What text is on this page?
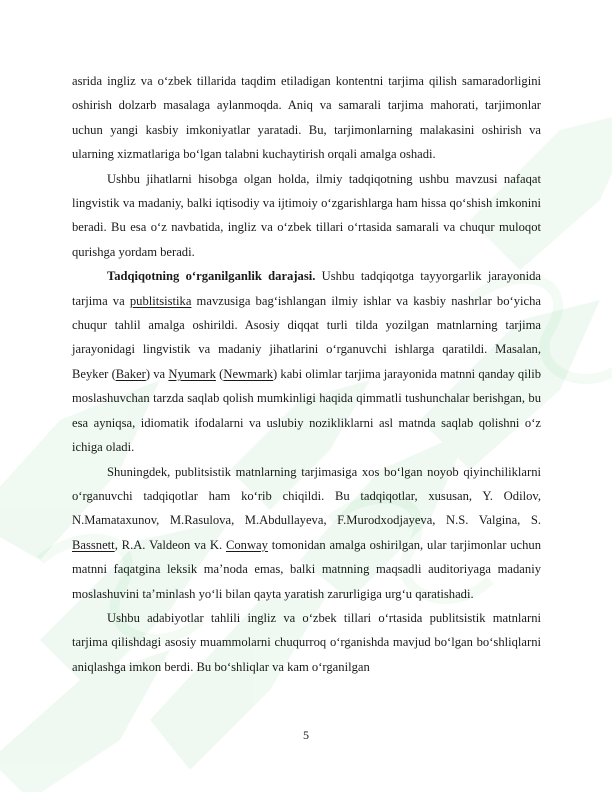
asrida ingliz va o‘zbek tillarida taqdim etiladigan kontentni tarjima qilish samaradorligini oshirish dolzarb masalaga aylanmoqda. Aniq va samarali tarjima mahorati, tarjimonlar uchun yangi kasbiy imkoniyatlar yaratadi. Bu, tarjimonlarning malakasini oshirish va ularning xizmatlariga bo‘lgan talabni kuchaytirish orqali amalga oshadi.

Ushbu jihatlarni hisobga olgan holda, ilmiy tadqiqotning ushbu mavzusi nafaqat lingvistik va madaniy, balki iqtisodiy va ijtimoiy o‘zgarishlarga ham hissa qo‘shish imkonini beradi. Bu esa o‘z navbatida, ingliz va o‘zbek tillari o‘rtasida samarali va chuqur muloqot qurishga yordam beradi.

Tadqiqotning o‘rganilganlik darajasi. Ushbu tadqiqotga tayyorgarlik jarayonida tarjima va publitsistika mavzusiga bag‘ishlangan ilmiy ishlar va kasbiy nashrlar bo‘yicha chuqur tahlil amalga oshirildi. Asosiy diqqat turli tilda yozilgan matnlarning tarjima jarayonidagi lingvistik va madaniy jihatlarini o‘rganuvchi ishlarga qaratildi. Masalan, Beyker (Baker) va Nyumark (Newmark) kabi olimlar tarjima jarayonida matnni qanday qilib moslashuvchan tarzda saqlab qolish mumkinligi haqida qimmatli tushunchalar berishgan, bu esa ayniqsa, idiomatik ifodalarni va uslubiy nozikliklarni asl matnda saqlab qolishni o‘z ichiga oladi.

Shuningdek, publitsistik matnlarning tarjimasiga xos bo‘lgan noyob qiyinchiliklarni o‘rganuvchi tadqiqotlar ham ko‘rib chiqildi. Bu tadqiqotlar, xususan, Y. Odilov, N.Mamataxunov, M.Rasulova, M.Abdullayeva, F.Murodxodjayeva, N.S. Valgina, S. Bassnett, R.A. Valdeon va K. Conway tomonidan amalga oshirilgan, ular tarjimonlar uchun matnni faqatgina leksik ma’noda emas, balki matnning maqsadli auditoriyaga madaniy moslashuvini ta’minlash yo‘li bilan qayta yaratish zarurligiga urg‘u qaratishadi.

Ushbu adabiyotlar tahlili ingliz va o‘zbek tillari o‘rtasida publitsistik matnlarni tarjima qilishdagi asosiy muammolarni chuqurroq o‘rganishda mavjud bo‘lgan bo‘shliqlarni aniqlashga imkon berdi. Bu bo‘shliqlar va kam o‘rganilgan

5
